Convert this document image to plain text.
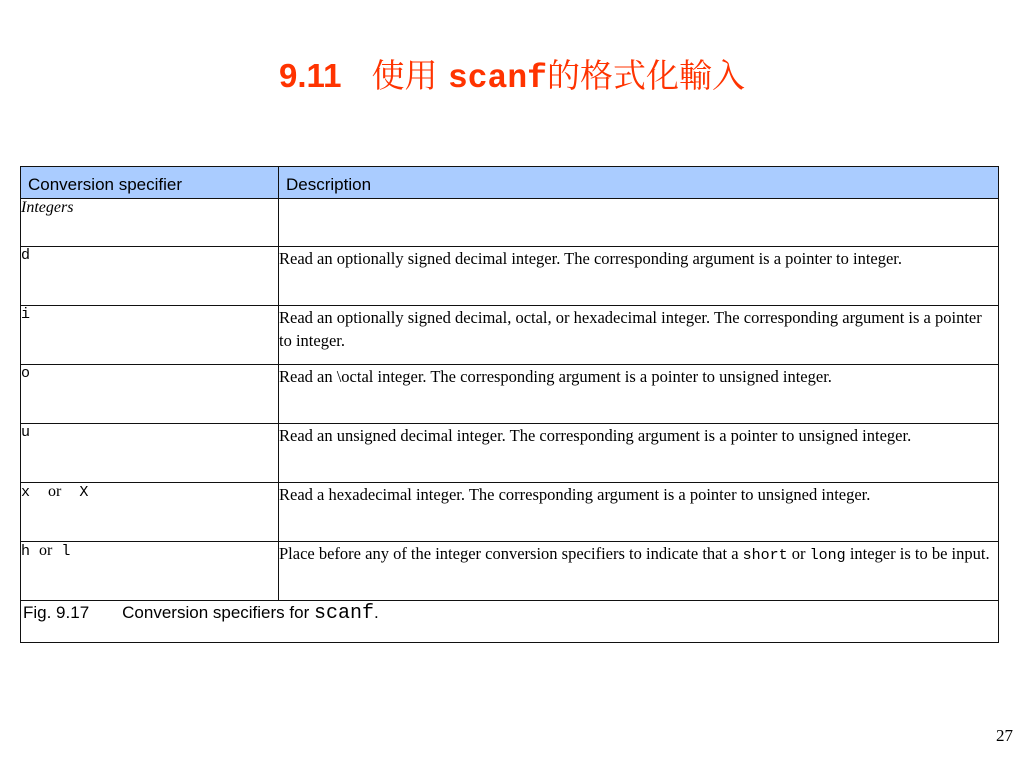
9.11 使用 scanf的格式化輸入
Conversion specifier	Description
Integers	
d	Read an optionally signed decimal integer. The corresponding argument is a pointer to integer.
i	Read an optionally signed decimal, octal, or hexadecimal integer. The corresponding argument is a pointer to integer.
o	Read an \octal integer. The corresponding argument is a pointer to unsigned integer.
u	Read an unsigned decimal integer. The corresponding argument is a pointer to unsigned integer.
x or X	Read a hexadecimal integer. The corresponding argument is a pointer to unsigned integer.
h or l	Place before any of the integer conversion specifiers to indicate that a short or long integer is to be input.
Fig. 9.17 Conversion specifiers for scanf.	
27
